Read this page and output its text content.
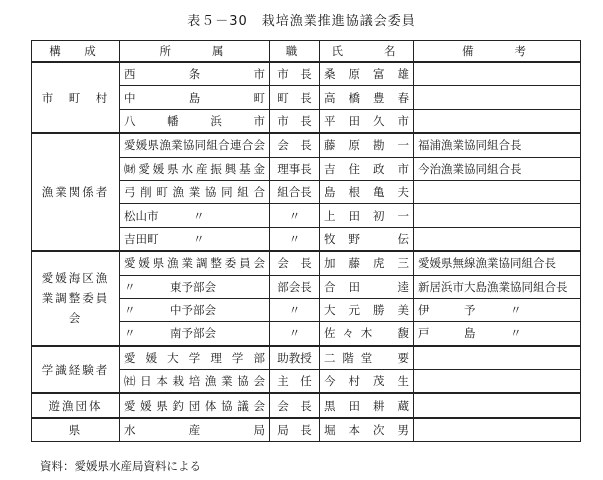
表５－30　栽培漁業推進協議会委員
構　成	所　　属	職	氏　　名	備　　考
市　町　村	西　条　市	市　長	桑原富雄	
	中　島　町	町　長	高橋豊春	
	八幡浜市	市　長	平田久市	
漁業関係者	愛媛県漁業協同組合連合会	会　長	藤原勘一	福浦漁業協同組合長
	㈶愛媛県水産振興基金	理事長	吉住政市	今治漁業協同組合長
	弓削町漁業協同組合	組合長	島根亀夫	
	松山市　　　〃	〃	上田初一	
	吉田町　　　〃	〃	牧野　伝	
愛媛海区漁業調整委員会	愛媛県漁業調整委員会	会　長	加藤虎三	愛媛県無線漁業協同組合長
	〃　　　東予部会	部会長	合田　逵	新居浜市大島漁業協同組合長
	〃　　　中予部会	〃	大元勝美	伊　　　予　　　〃
	〃　　　南予部会	〃	佐々木　馥	戸　　　島　　　〃
学識経験者	愛媛大学理学部	助教授	二階堂　要	
	㈳日本栽培漁業協会	主　任	今村茂生	
遊漁団体	愛媛県釣団体協議会	会　長	黒田耕蔵	
県	水　産　局	局　長	堀本次男	
資料：愛媛県水産局資料による
